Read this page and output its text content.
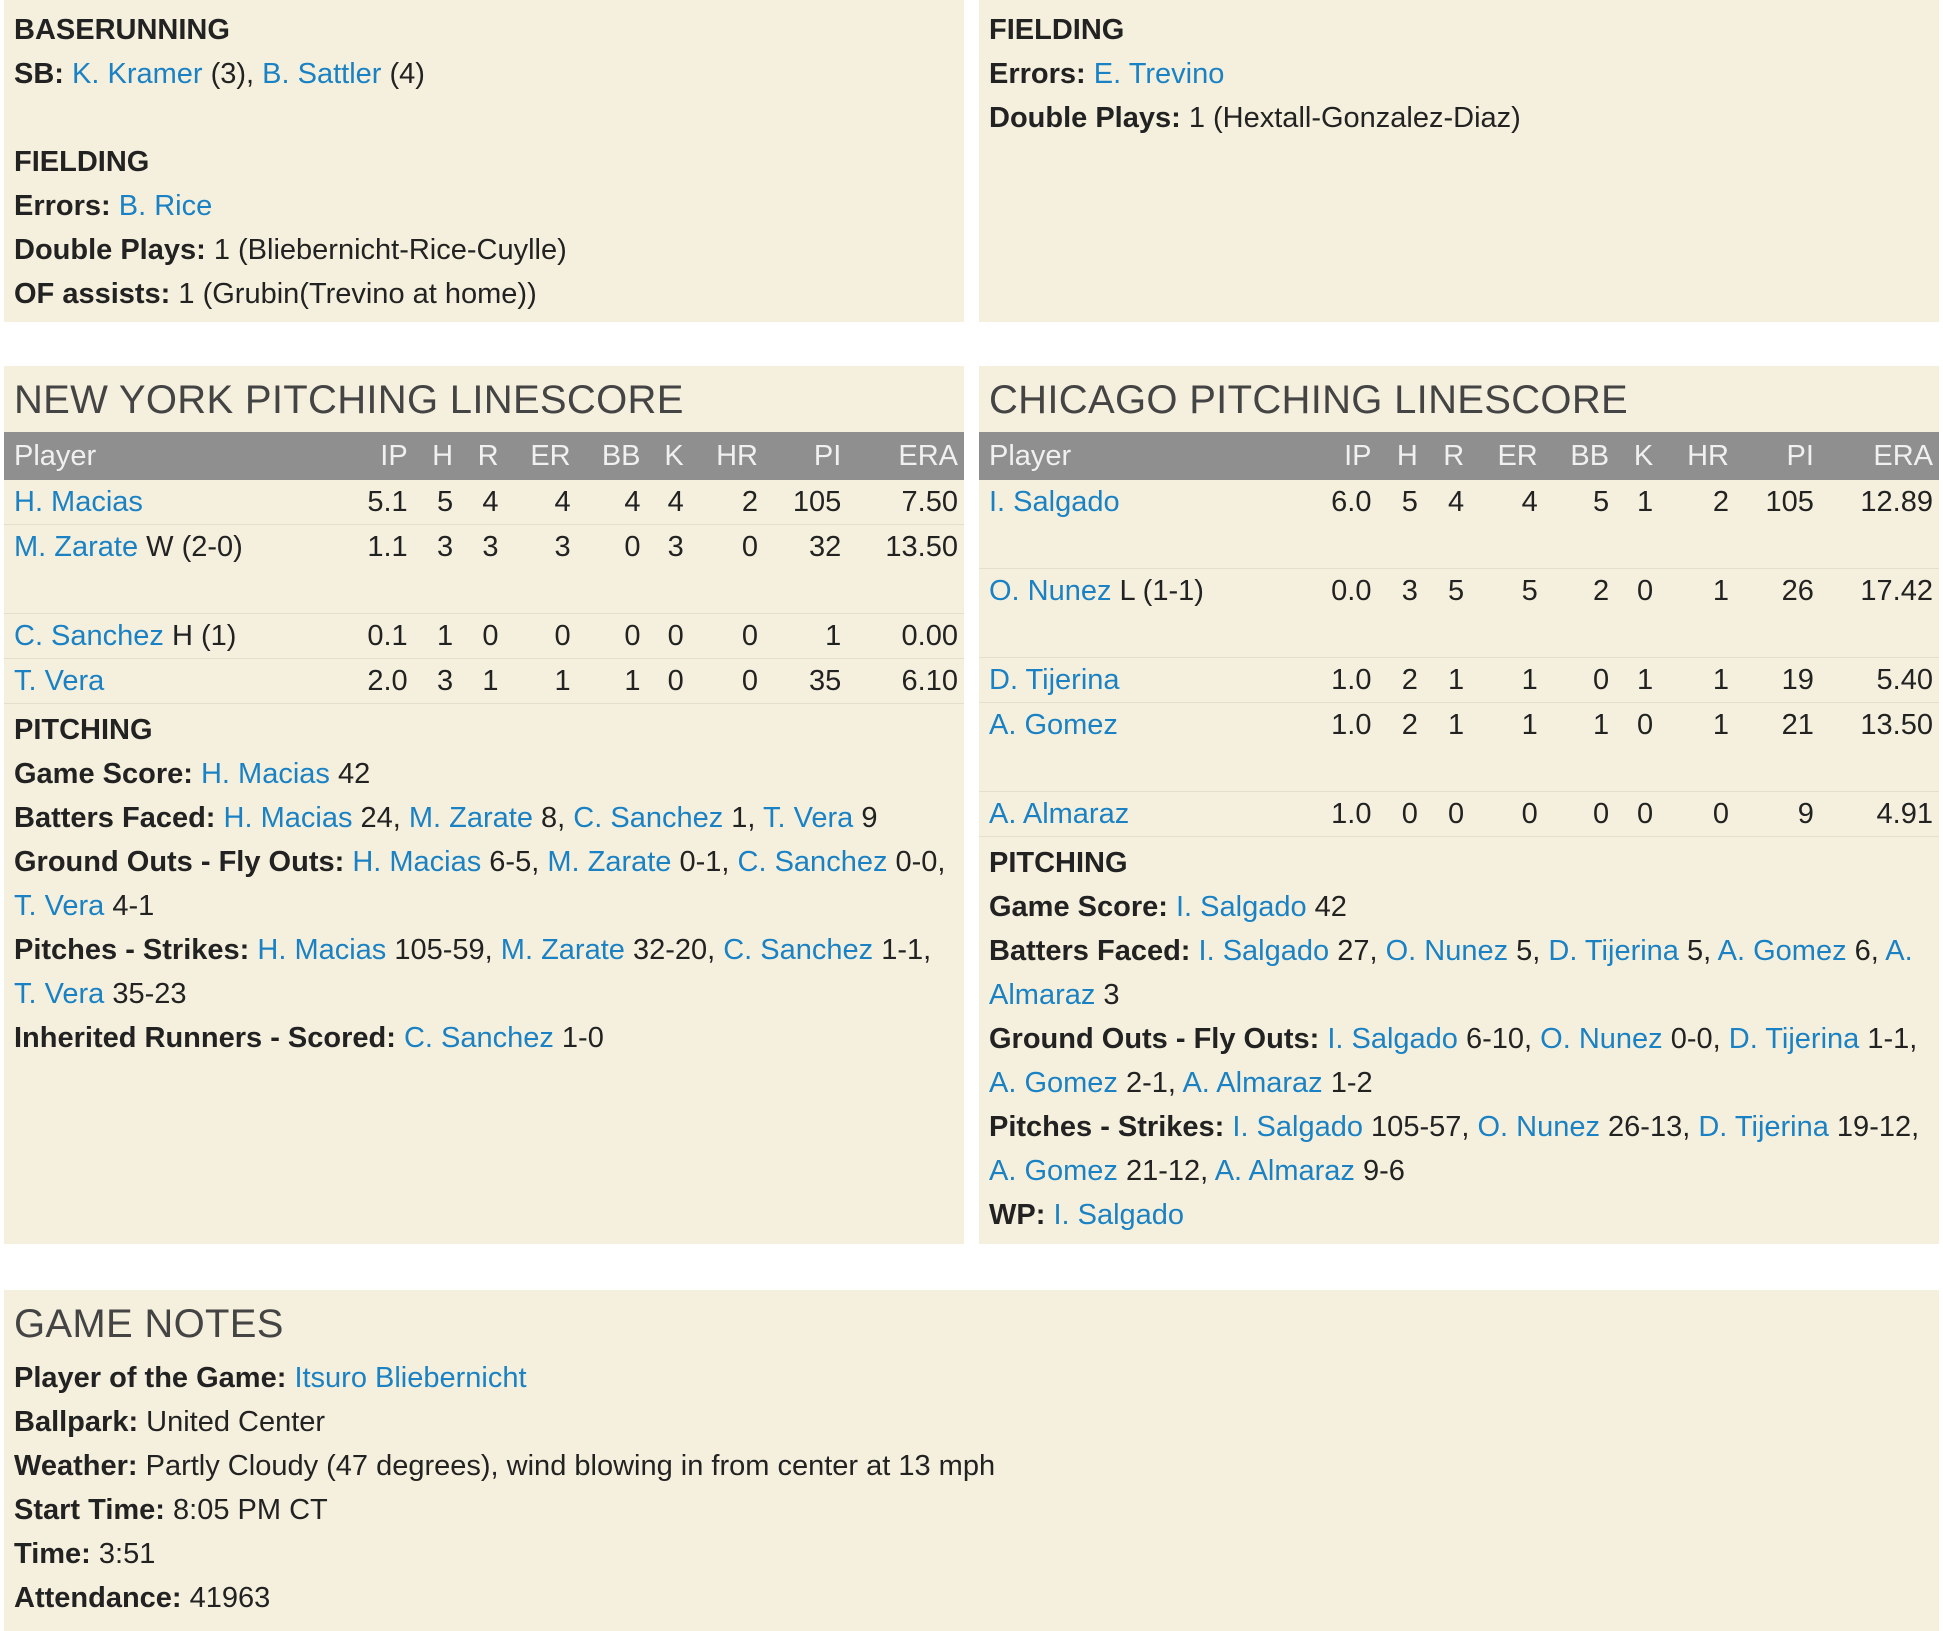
BASERUNNING
SB: K. Kramer (3), B. Sattler (4)
FIELDING
Errors: B. Rice
Double Plays: 1 (Bliebernicht-Rice-Cuylle)
OF assists: 1 (Grubin(Trevino at home))
FIELDING
Errors: E. Trevino
Double Plays: 1 (Hextall-Gonzalez-Diaz)
NEW YORK PITCHING LINESCORE
Player	IP	H	R	ER	BB	K	HR	PI	ERA
H. Macias	5.1	5	4	4	4	4	2	105	7.50
M. Zarate W (2-0)	1.1	3	3	3	0	3	0	32	13.50
C. Sanchez H (1)	0.1	1	0	0	0	0	0	1	0.00
T. Vera	2.0	3	1	1	1	0	0	35	6.10
PITCHING
Game Score: H. Macias 42
Batters Faced: H. Macias 24, M. Zarate 8, C. Sanchez 1, T. Vera 9
Ground Outs - Fly Outs: H. Macias 6-5, M. Zarate 0-1, C. Sanchez 0-0, T. Vera 4-1
Pitches - Strikes: H. Macias 105-59, M. Zarate 32-20, C. Sanchez 1-1, T. Vera 35-23
Inherited Runners - Scored: C. Sanchez 1-0
CHICAGO PITCHING LINESCORE
Player	IP	H	R	ER	BB	K	HR	PI	ERA
I. Salgado	6.0	5	4	4	5	1	2	105	12.89
O. Nunez L (1-1)	0.0	3	5	5	2	0	1	26	17.42
D. Tijerina	1.0	2	1	1	0	1	1	19	5.40
A. Gomez	1.0	2	1	1	1	0	1	21	13.50
A. Almaraz	1.0	0	0	0	0	0	0	9	4.91
PITCHING
Game Score: I. Salgado 42
Batters Faced: I. Salgado 27, O. Nunez 5, D. Tijerina 5, A. Gomez 6, A. Almaraz 3
Ground Outs - Fly Outs: I. Salgado 6-10, O. Nunez 0-0, D. Tijerina 1-1, A. Gomez 2-1, A. Almaraz 1-2
Pitches - Strikes: I. Salgado 105-57, O. Nunez 26-13, D. Tijerina 19-12, A. Gomez 21-12, A. Almaraz 9-6
WP: I. Salgado
GAME NOTES
Player of the Game: Itsuro Bliebernicht
Ballpark: United Center
Weather: Partly Cloudy (47 degrees), wind blowing in from center at 13 mph
Start Time: 8:05 PM CT
Time: 3:51
Attendance: 41963
